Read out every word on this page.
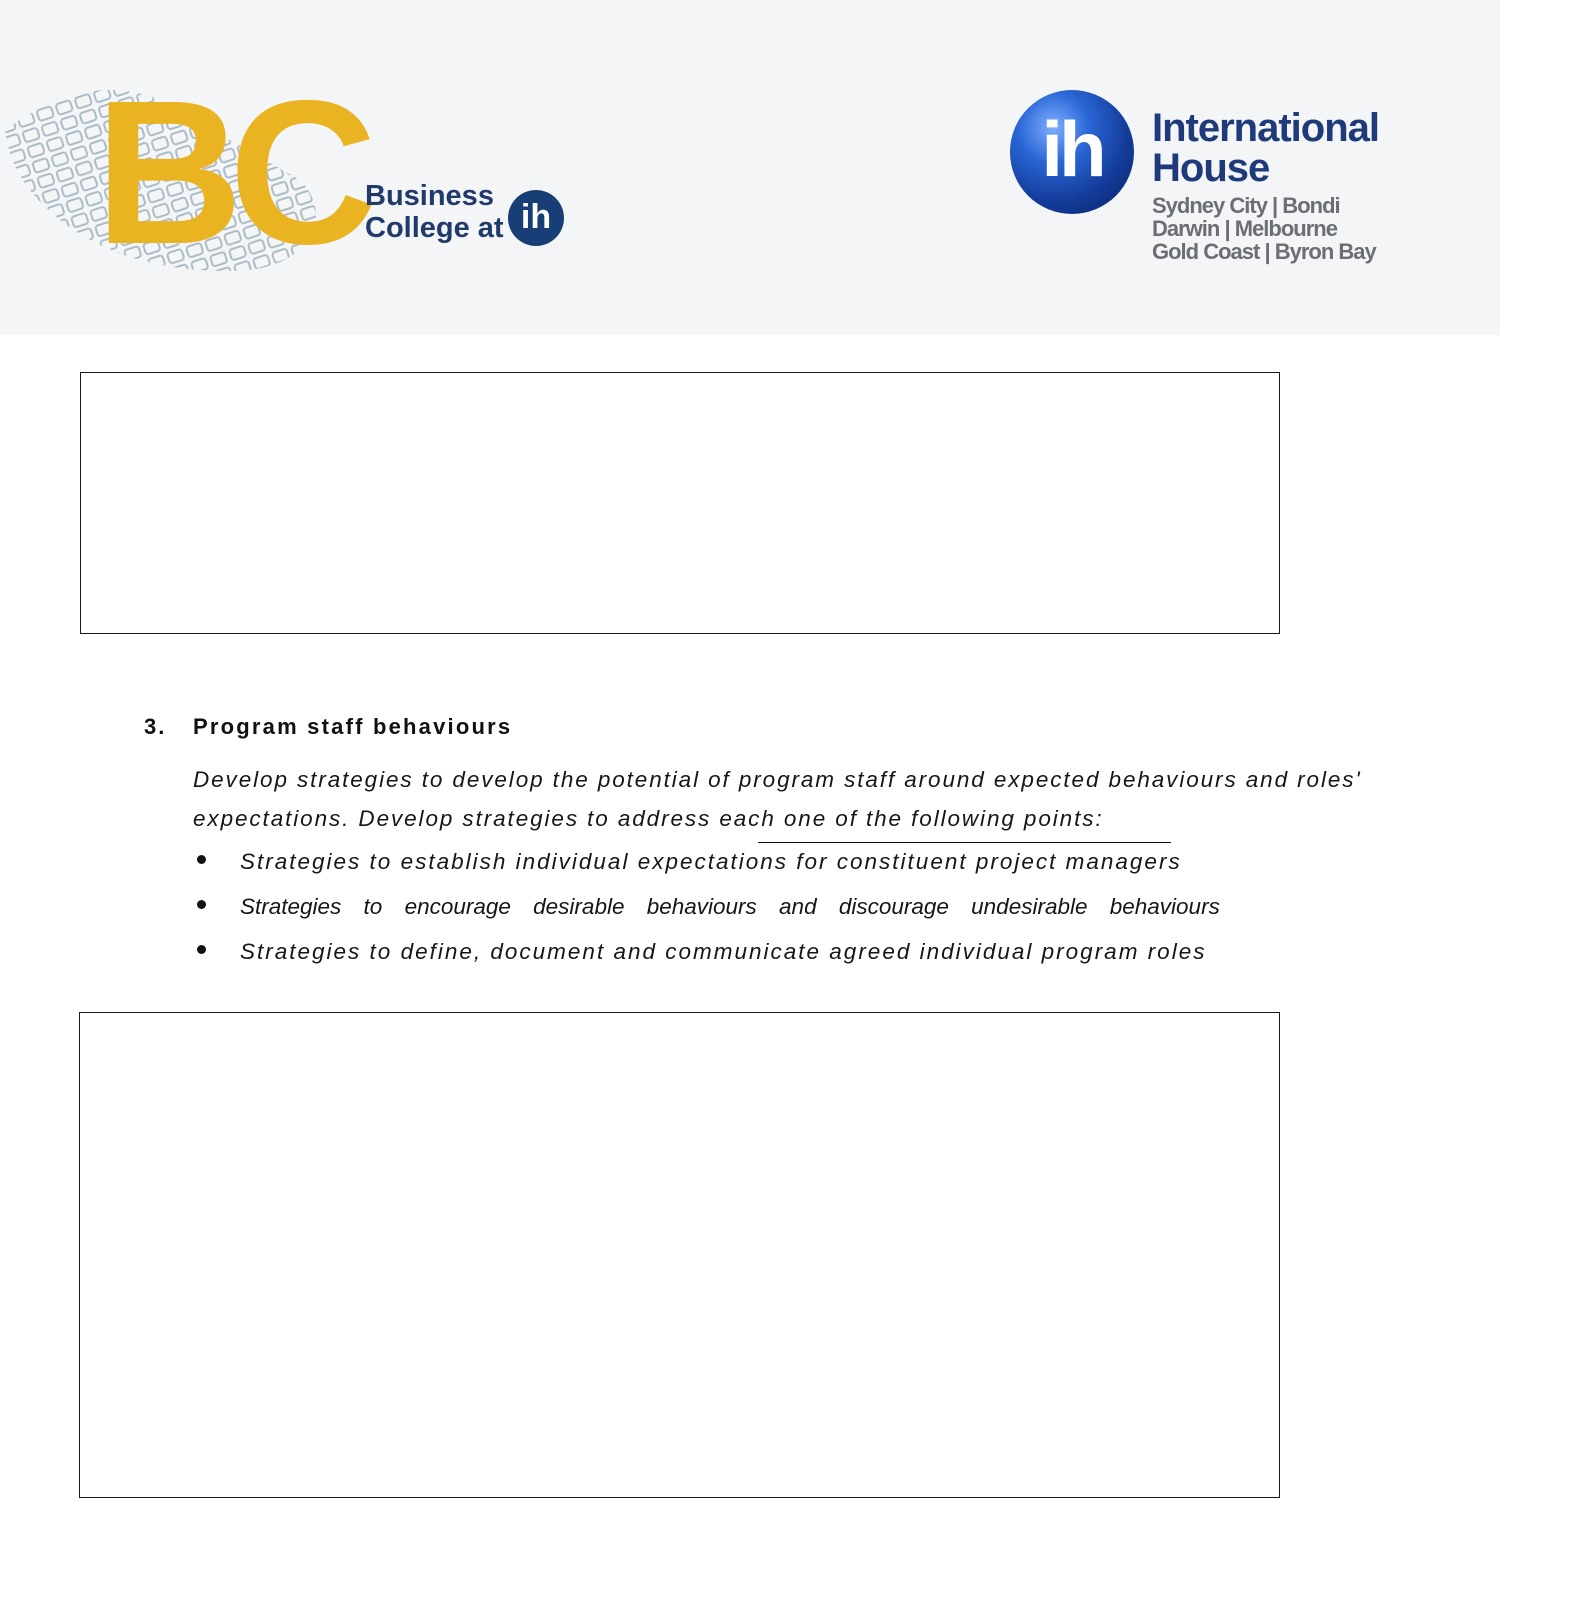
BC Business
College at ih
ih	International
House
Sydney City | Bondi
Darwin | Melbourne
Gold Coast | Byron Bay
3. Program staff behaviours
Develop strategies to develop the potential of program staff around expected behaviours and roles'
expectations. Develop strategies to address each one of the following points:
Strategies to establish individual expectations for constituent project managers
Strategies to encourage desirable behaviours and discourage undesirable behaviours
Strategies to define, document and communicate agreed individual program roles
